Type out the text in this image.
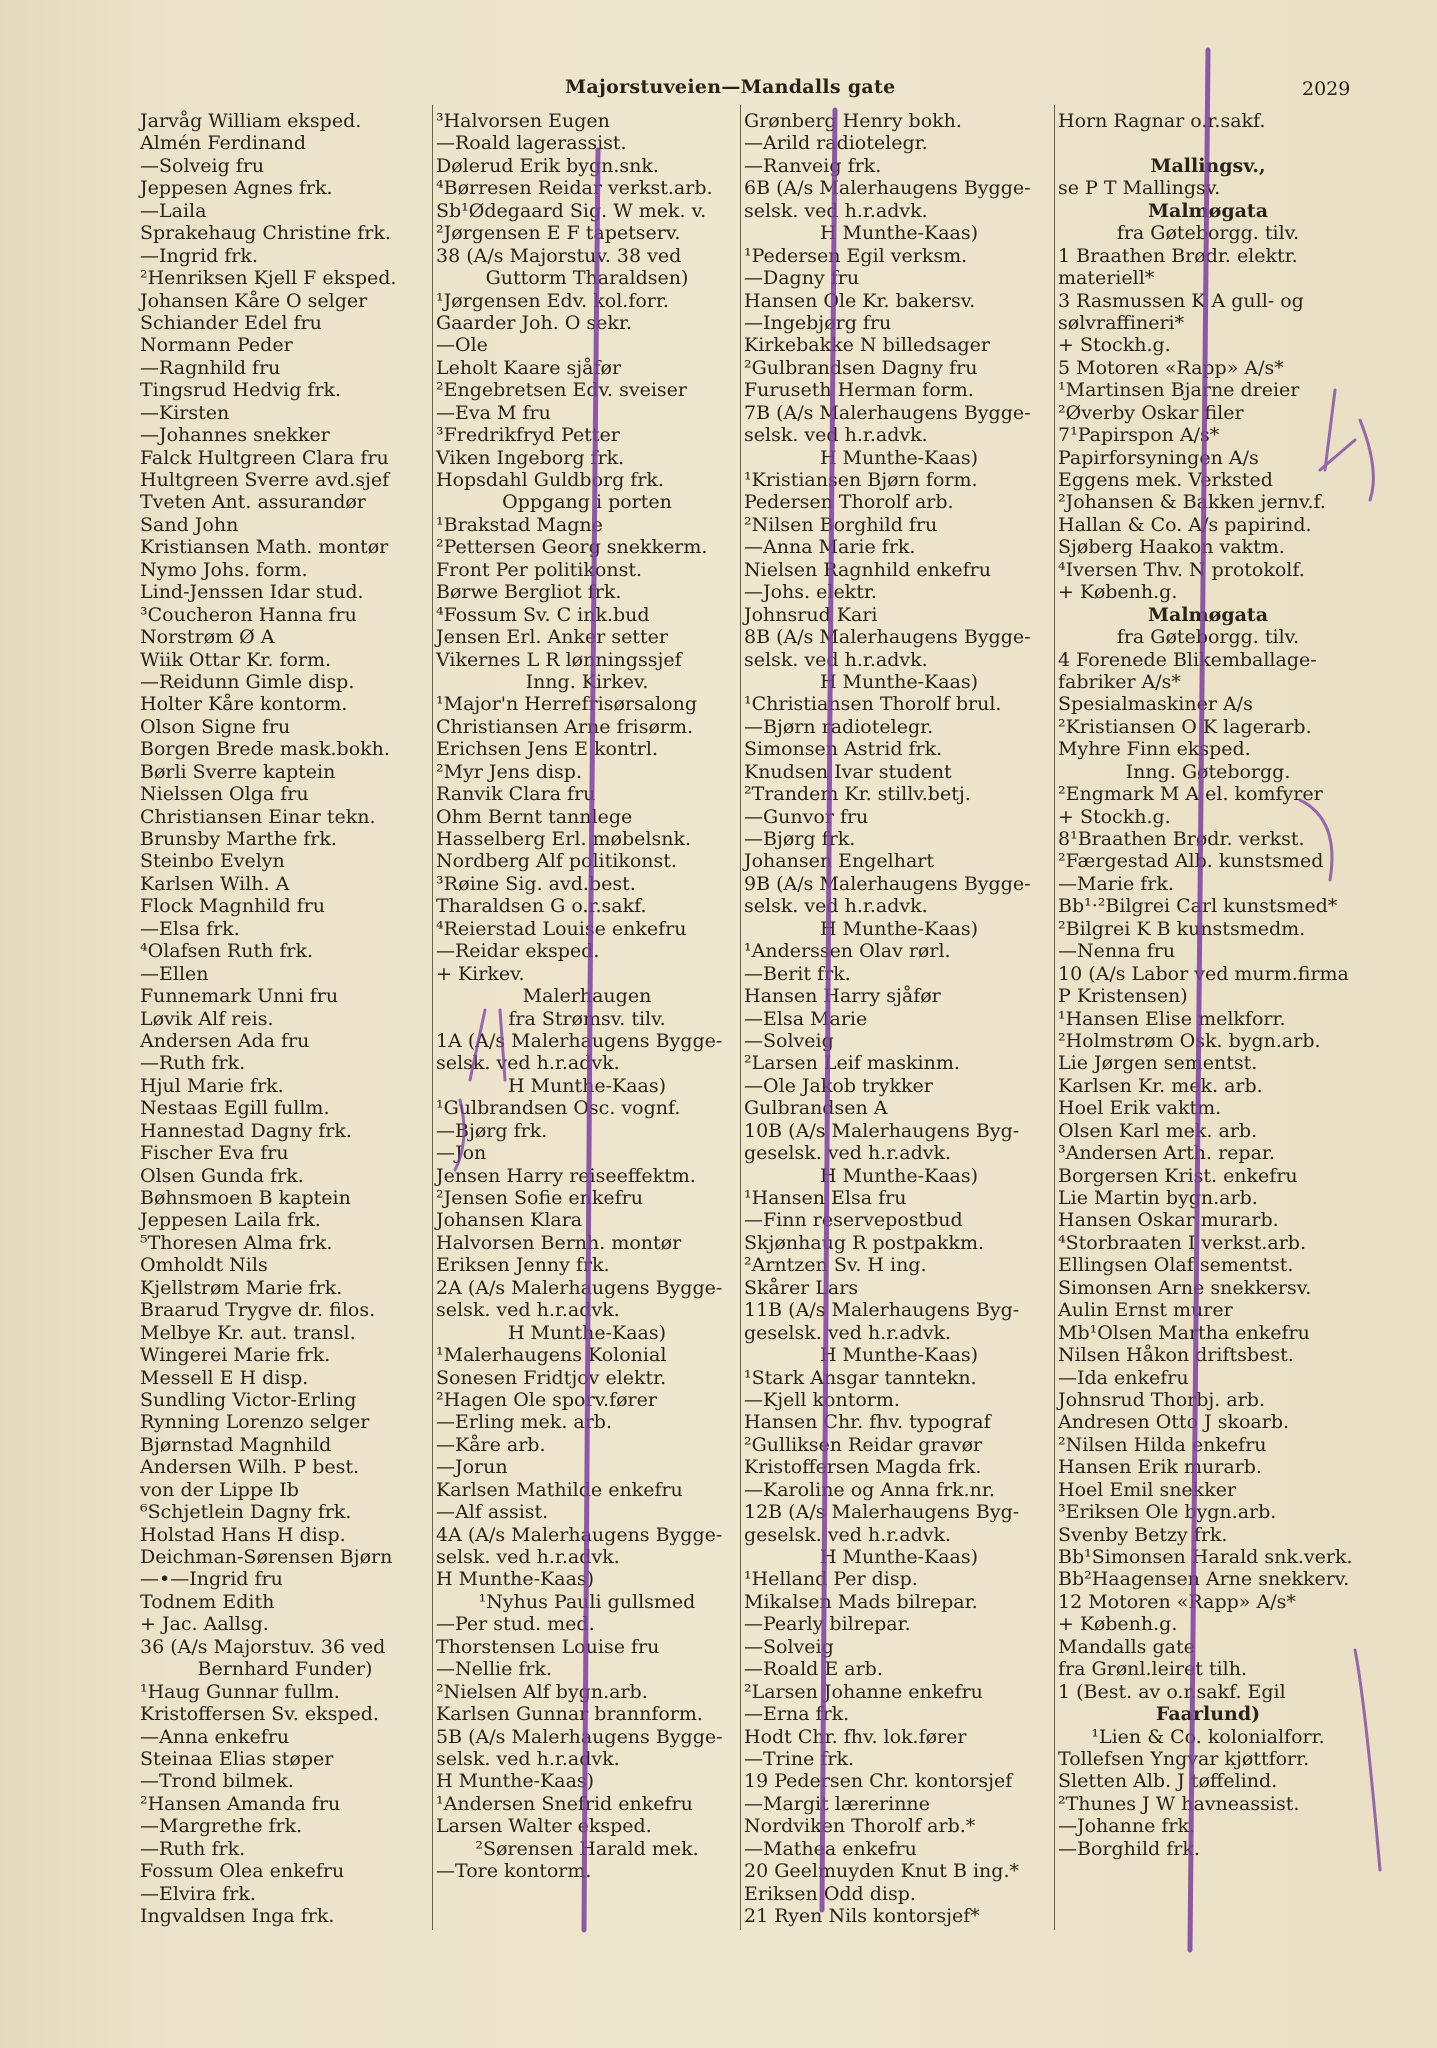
Majorstuveien—Mandalls gate	2029
Jarvåg William eksped.
Almén Ferdinand
—Solveig fru
Jeppesen Agnes frk.
—Laila
Sprakehaug Christine frk.
—Ingrid frk.
²Henriksen Kjell F eksped.
Johansen Kåre O selger
Schiander Edel fru
Normann Peder
—Ragnhild fru
Tingsrud Hedvig frk.
—Kirsten
—Johannes snekker
Falck Hultgreen Clara fru
Hultgreen Sverre avd.sjef
Tveten Ant. assurandør
Sand John
Kristiansen Math. montør
Nymo Johs. form.
Lind-Jenssen Idar stud.
³Coucheron Hanna fru
Norstrøm Ø A
Wiik Ottar Kr. form.
—Reidunn Gimle disp.
Holter Kåre kontorm.
Olson Signe fru
Borgen Brede mask.bokh.
Børli Sverre kaptein
Nielssen Olga fru
Christiansen Einar tekn.
Brunsby Marthe frk.
Steinbo Evelyn
Karlsen Wilh. A
Flock Magnhild fru
—Elsa frk.
⁴Olafsen Ruth frk.
—Ellen
Funnemark Unni fru
Løvik Alf reis.
Andersen Ada fru
—Ruth frk.
Hjul Marie frk.
Nestaas Egill fullm.
Hannestad Dagny frk.
Fischer Eva fru
Olsen Gunda frk.
Bøhnsmoen B kaptein
Jeppesen Laila frk.
⁵Thoresen Alma frk.
Omholdt Nils
Kjellstrøm Marie frk.
Braarud Trygve dr. filos.
Melbye Kr. aut. transl.
Wingerei Marie frk.
Messell E H disp.
Sundling Victor-Erling
Rynning Lorenzo selger
Bjørnstad Magnhild
Andersen Wilh. P best.
von der Lippe Ib
⁶Schjetlein Dagny frk.
Holstad Hans H disp.
Deichman-Sørensen Bjørn
—•—Ingrid fru
Todnem Edith
+ Jac. Aallsg.
36 (A/s Majorstuv. 36 ved
Bernhard Funder)
¹Haug Gunnar fullm.
Kristoffersen Sv. eksped.
—Anna enkefru
Steinaa Elias støper
—Trond bilmek.
²Hansen Amanda fru
—Margrethe frk.
—Ruth frk.
Fossum Olea enkefru
—Elvira frk.
Ingvaldsen Inga frk.
³Halvorsen Eugen
—Roald lagerassist.
Dølerud Erik bygn.snk.
⁴Børresen Reidar verkst.arb.
Sb¹Ødegaard Sig. W mek. v.
²Jørgensen E F tapetserv.
38 (A/s Majorstuv. 38 ved
Guttorm Tharaldsen)
¹Jørgensen Edv. kol.forr.
Gaarder Joh. O sekr.
—Ole
Leholt Kaare sjåfør
²Engebretsen Edv. sveiser
—Eva M fru
³Fredrikfryd Petter
Viken Ingeborg frk.
Hopsdahl Guldborg frk.
Oppgang i porten
¹Brakstad Magne
²Pettersen Georg snekkerm.
Front Per politikonst.
Børwe Bergliot frk.
⁴Fossum Sv. C ink.bud
Jensen Erl. Anker setter
Vikernes L R lønningssjef
Inng. Kirkev.
¹Major'n Herrefrisørsalong
Christiansen Arne frisørm.
Erichsen Jens E kontrl.
²Myr Jens disp.
Ranvik Clara fru
Ohm Bernt tannlege
Hasselberg Erl. møbelsnk.
Nordberg Alf politikonst.
³Røine Sig. avd.best.
Tharaldsen G o.r.sakf.
⁴Reierstad Louise enkefru
—Reidar eksped.
+ Kirkev.
Malerhaugen
fra Strømsv. tilv.
1A (A/s Malerhaugens Bygge-
selsk. ved h.r.advk.
H Munthe-Kaas)
¹Gulbrandsen Osc. vognf.
—Bjørg frk.
—Jon
Jensen Harry reiseeffektm.
²Jensen Sofie enkefru
Johansen Klara
Halvorsen Bernh. montør
Eriksen Jenny frk.
2A (A/s Malerhaugens Bygge-
selsk. ved h.r.advk.
H Munthe-Kaas)
¹Malerhaugens Kolonial
Sonesen Fridtjov elektr.
²Hagen Ole sporv.fører
—Erling mek. arb.
—Kåre arb.
—Jorun
Karlsen Mathilde enkefru
—Alf assist.
4A (A/s Malerhaugens Bygge-
selsk. ved h.r.advk.
H Munthe-Kaas)
¹Nyhus Pauli gullsmed
—Per stud. med.
Thorstensen Louise fru
—Nellie frk.
²Nielsen Alf bygn.arb.
Karlsen Gunnar brannform.
5B (A/s Malerhaugens Bygge-
selsk. ved h.r.advk.
H Munthe-Kaas)
¹Andersen Snefrid enkefru
Larsen Walter eksped.
²Sørensen Harald mek.
—Tore kontorm.
Grønberg Henry bokh.
—Arild radiotelegr.
—Ranveig frk.
6B (A/s Malerhaugens Bygge-
selsk. ved h.r.advk.
H Munthe-Kaas)
¹Pedersen Egil verksm.
—Dagny fru
Hansen Ole Kr. bakersv.
—Ingebjørg fru
Kirkebakke N billedsager
²Gulbrandsen Dagny fru
Furuseth Herman form.
7B (A/s Malerhaugens Bygge-
selsk. ved h.r.advk.
H Munthe-Kaas)
¹Kristiansen Bjørn form.
Pedersen Thorolf arb.
²Nilsen Borghild fru
—Anna Marie frk.
Nielsen Ragnhild enkefru
—Johs. elektr.
Johnsrud Kari
8B (A/s Malerhaugens Bygge-
selsk. ved h.r.advk.
H Munthe-Kaas)
¹Christiansen Thorolf brul.
—Bjørn radiotelegr.
Simonsen Astrid frk.
Knudsen Ivar student
²Trandem Kr. stillv.betj.
—Gunvor fru
—Bjørg frk.
Johansen Engelhart
9B (A/s Malerhaugens Bygge-
selsk. ved h.r.advk.
H Munthe-Kaas)
¹Anderssen Olav rørl.
—Berit frk.
Hansen Harry sjåfør
—Elsa Marie
—Solveig
²Larsen Leif maskinm.
—Ole Jakob trykker
Gulbrandsen A
10B (A/s Malerhaugens Byg-
geselsk. ved h.r.advk.
H Munthe-Kaas)
¹Hansen Elsa fru
—Finn reservepostbud
Skjønhaug R postpakkm.
²Arntzen Sv. H ing.
Skårer Lars
11B (A/s Malerhaugens Byg-
geselsk. ved h.r.advk.
H Munthe-Kaas)
¹Stark Ansgar tanntekn.
—Kjell kontorm.
Hansen Chr. fhv. typograf
²Gulliksen Reidar gravør
Kristoffersen Magda frk.
—Karoline og Anna frk.nr.
12B (A/s Malerhaugens Byg-
geselsk. ved h.r.advk.
H Munthe-Kaas)
¹Helland Per disp.
Mikalsen Mads bilrepar.
—Pearly bilrepar.
—Solveig
—Roald E arb.
²Larsen Johanne enkefru
—Erna frk.
Hodt Chr. fhv. lok.fører
—Trine frk.
19 Pedersen Chr. kontorsjef
—Margit lærerinne
Nordviken Thorolf arb.*
—Mathea enkefru
20 Geelmuyden Knut B ing.*
Eriksen Odd disp.
21 Ryen Nils kontorsjef*
Horn Ragnar o.r.sakf.
Mallingsv.,
se P T Mallingsv.
Malmøgata
fra Gøteborgg. tilv.
1 Braathen Brødr. elektr.
materiell*
3 Rasmussen K A gull- og
sølvraffineri*
+ Stockh.g.
5 Motoren «Rapp» A/s*
¹Martinsen Bjarne dreier
²Øverby Oskar filer
7¹Papirspon A/s*
Papirforsyningen A/s
Eggens mek. Verksted
²Johansen & Bakken jernv.f.
Hallan & Co. A/s papirind.
Sjøberg Haakon vaktm.
⁴Iversen Thv. N protokolf.
+ Københ.g.
Malmøgata
fra Gøteborgg. tilv.
4 Forenede Blikemballage-
fabriker A/s*
Spesialmaskiner A/s
²Kristiansen O K lagerarb.
Myhre Finn eksped.
Inng. Gøteborgg.
²Engmark M A el. komfyrer
+ Stockh.g.
8¹Braathen Brødr. verkst.
²Færgestad Alb. kunstsmed
—Marie frk.
Bb¹·²Bilgrei Carl kunstsmed*
²Bilgrei K B kunstsmedm.
—Nenna fru
10 (A/s Labor ved murm.firma
P Kristensen)
¹Hansen Elise melkforr.
²Holmstrøm Osk. bygn.arb.
Lie Jørgen sementst.
Karlsen Kr. mek. arb.
Hoel Erik vaktm.
Olsen Karl mek. arb.
³Andersen Arth. repar.
Borgersen Krist. enkefru
Lie Martin bygn.arb.
Hansen Oskar murarb.
⁴Storbraaten I verkst.arb.
Ellingsen Olaf sementst.
Simonsen Arne snekkersv.
Aulin Ernst murer
Mb¹Olsen Martha enkefru
Nilsen Håkon driftsbest.
—Ida enkefru
Johnsrud Thorbj. arb.
Andresen Otto J skoarb.
²Nilsen Hilda enkefru
Hansen Erik murarb.
Hoel Emil snekker
³Eriksen Ole bygn.arb.
Svenby Betzy frk.
Bb¹Simonsen Harald snk.verk.
Bb²Haagensen Arne snekkerv.
12 Motoren «Rapp» A/s*
+ Københ.g.
Mandalls gate
fra Grønl.leiret tilh.
1 (Best. av o.r.sakf. Egil
Faarlund)
¹Lien & Co. kolonialforr.
Tollefsen Yngvar kjøttforr.
Sletten Alb. J tøffelind.
²Thunes J W havneassist.
—Johanne frk.
—Borghild frk.
